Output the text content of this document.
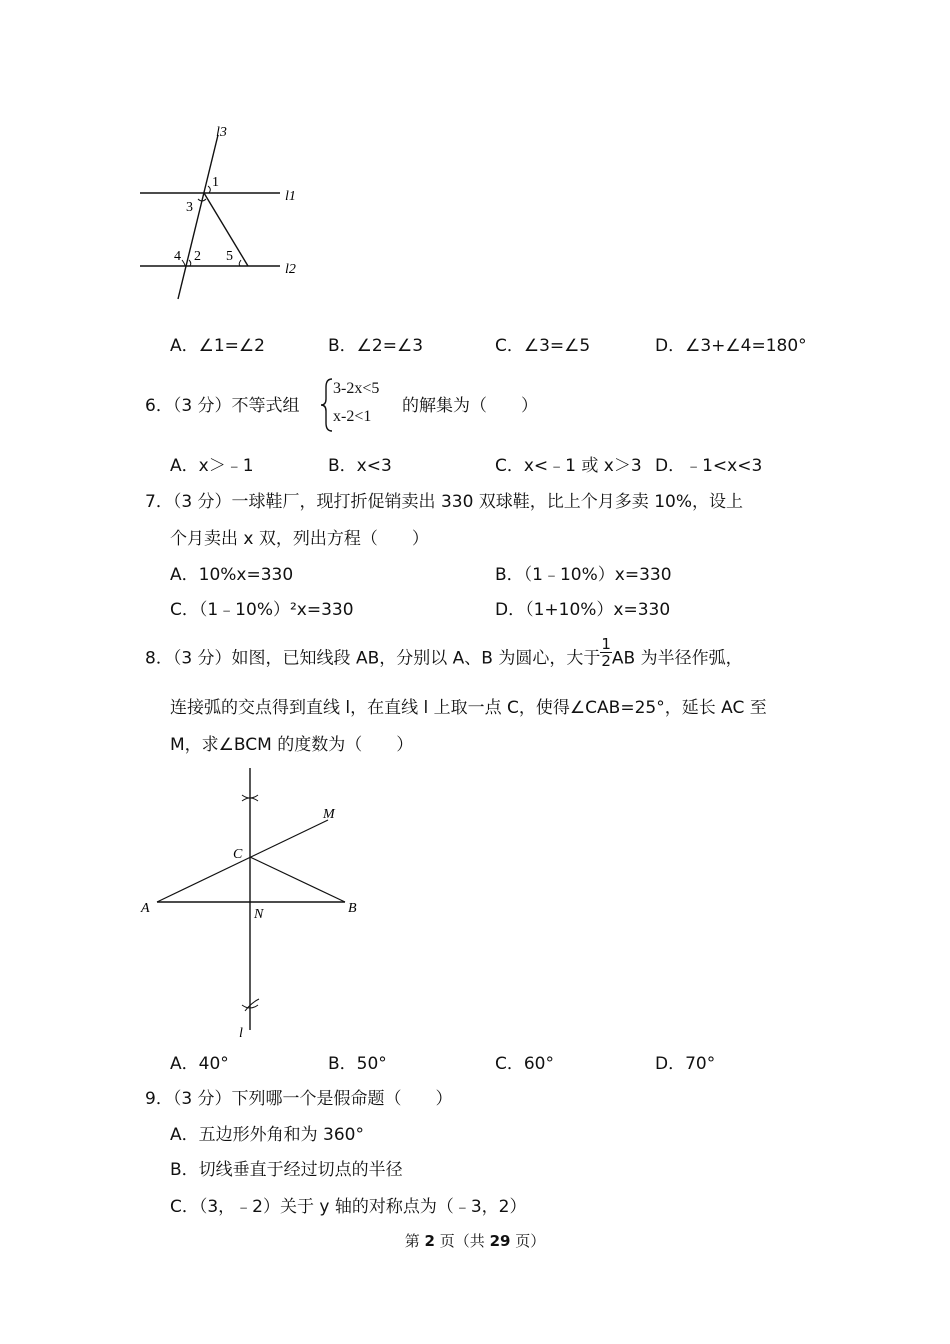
l3
l1
l2
1
3
4 2 5
A．∠1=∠2	B．∠2=∠3	C．∠3=∠5	D．∠3+∠4=180°
6．（3 分）不等式组
3-2x<5
x-2<1
的解集为（　　）
A．x＞﹣1	B．x<3	C．x<﹣1 或 x＞3 D．﹣1<x<3
7．（3 分）一球鞋厂，现打折促销卖出 330 双球鞋，比上个月多卖 10%，设上
个月卖出 x 双，列出方程（　　）
A．10%x=330	B．（1﹣10%）x=330
C．（1﹣10%）²x=330	D．（1+10%）x=330
8．（3 分）如图，已知线段 AB，分别以 A、B 为圆心，大于 $\frac{1}{2}$ AB 为半径作弧，
连接弧的交点得到直线 l，在直线 l 上取一点 C，使得∠CAB=25°，延长 AC 至
M，求∠BCM 的度数为（　　）
A	B
C
M
N
l
A．40°	B．50°	C．60°	D．70°
9．（3 分）下列哪一个是假命题（　　）
A．五边形外角和为 360°
B．切线垂直于经过切点的半径
C．（3，﹣2）关于 y 轴的对称点为（﹣3，2）
第 2 页（共 29 页）
